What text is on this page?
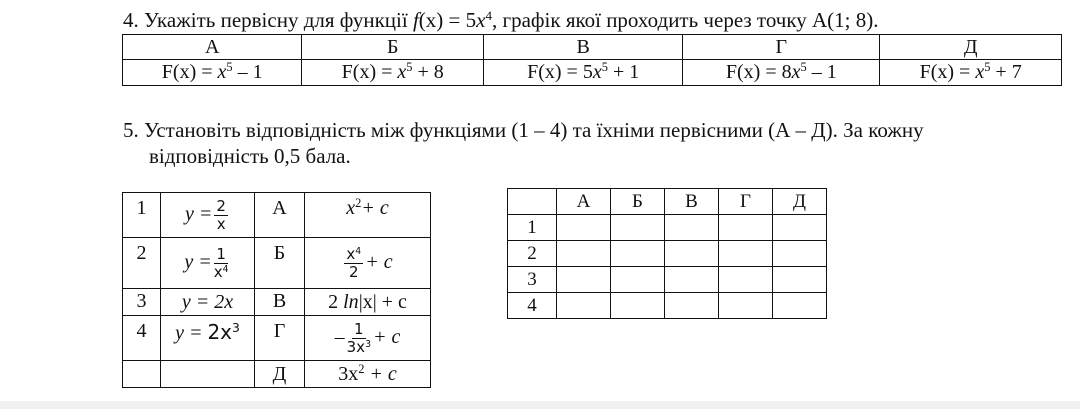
4. Укажіть первісну для функції $f(x) = 5x^4$, графік якої проходить через точку А(1; 8).
А	Б	В	Г	Д
$F(x) = x^5 - 1$	$F(x) = x^5 + 8$	$F(x) = 5x^5 + 1$	$F(x) = 8x^5 - 1$	$F(x) = x^5 + 7$
5. Установіть відповідність між функціями (1 – 4) та їхніми первісними (А – Д). За кожну
відповідність 0,5 бала.
1	$y = \frac{2}{x}$	А	$x^2+ c$
2	$y = \frac{1}{x^4}$	Б	$\frac{x^4}{2} + c$
3	y = 2x	В	2 ln|x| + c
4	$y = 2x^3$	Г	– $\frac{1}{3x^3} + c$
		Д	$3x^2 + c$
	А	Б	В	Г	Д
1					
2					
3					
4					
